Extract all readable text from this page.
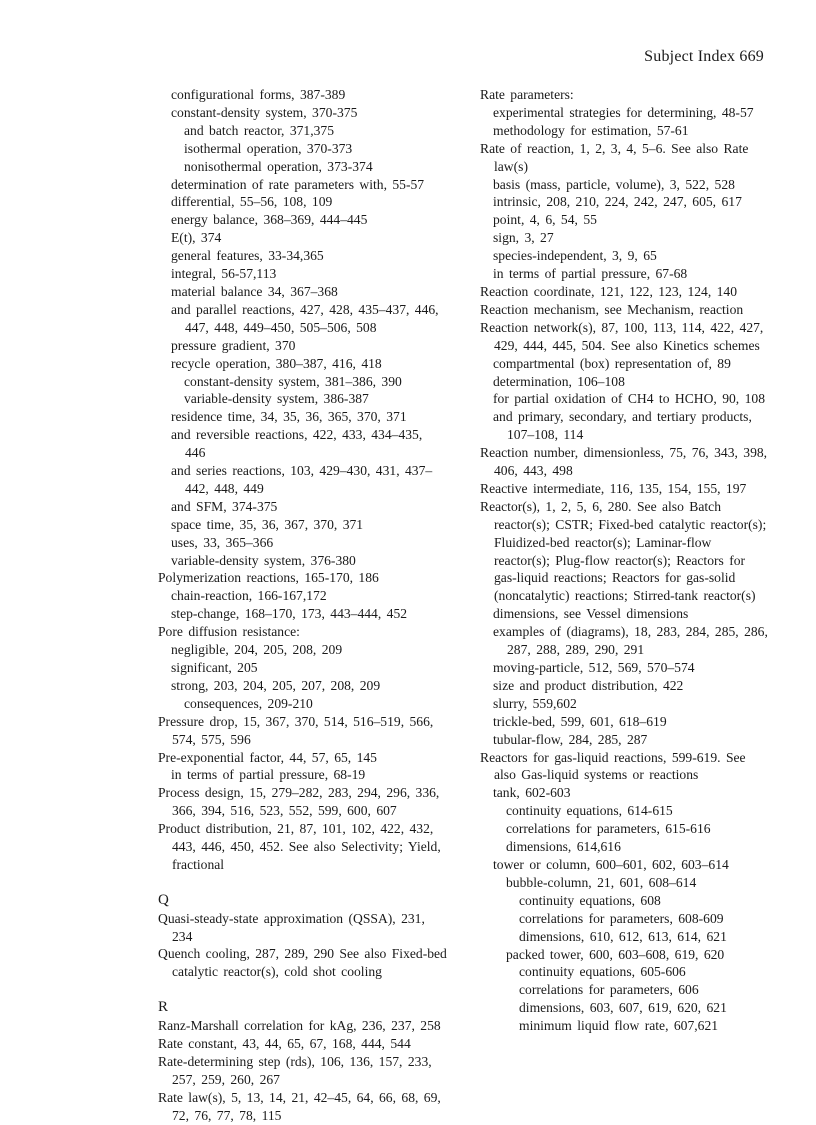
Subject Index 669
configurational forms, 387-389
constant-density system, 370-375
and batch reactor, 371,375
isothermal operation, 370-373
nonisothermal operation, 373-374
determination of rate parameters with, 55-57
differential, 55–56, 108, 109
energy balance, 368–369, 444–445
E(t), 374
general features, 33-34,365
integral, 56-57,113
material balance 34, 367–368
and parallel reactions, 427, 428, 435–437, 446, 447, 448, 449–450, 505–506, 508
pressure gradient, 370
recycle operation, 380–387, 416, 418
constant-density system, 381–386, 390
variable-density system, 386-387
residence time, 34, 35, 36, 365, 370, 371
and reversible reactions, 422, 433, 434–435, 446
and series reactions, 103, 429–430, 431, 437–442, 448, 449
and SFM, 374-375
space time, 35, 36, 367, 370, 371
uses, 33, 365–366
variable-density system, 376-380
Polymerization reactions, 165-170, 186
chain-reaction, 166-167,172
step-change, 168–170, 173, 443–444, 452
Pore diffusion resistance:
negligible, 204, 205, 208, 209
significant, 205
strong, 203, 204, 205, 207, 208, 209
consequences, 209-210
Pressure drop, 15, 367, 370, 514, 516–519, 566, 574, 575, 596
Pre-exponential factor, 44, 57, 65, 145
in terms of partial pressure, 68-19
Process design, 15, 279–282, 283, 294, 296, 336, 366, 394, 516, 523, 552, 599, 600, 607
Product distribution, 21, 87, 101, 102, 422, 432, 443, 446, 450, 452. See also Selectivity; Yield, fractional
Q
Quasi-steady-state approximation (QSSA), 231, 234
Quench cooling, 287, 289, 290 See also Fixed-bed catalytic reactor(s), cold shot cooling
R
Ranz-Marshall correlation for kAg, 236, 237, 258
Rate constant, 43, 44, 65, 67, 168, 444, 544
Rate-determining step (rds), 106, 136, 157, 233, 257, 259, 260, 267
Rate law(s), 5, 13, 14, 21, 42–45, 64, 66, 68, 69, 72, 76, 77, 78, 115
Rate parameters:
experimental strategies for determining, 48-57
methodology for estimation, 57-61
Rate of reaction, 1, 2, 3, 4, 5–6. See also Rate law(s)
basis (mass, particle, volume), 3, 522, 528
intrinsic, 208, 210, 224, 242, 247, 605, 617
point, 4, 6, 54, 55
sign, 3, 27
species-independent, 3, 9, 65
in terms of partial pressure, 67-68
Reaction coordinate, 121, 122, 123, 124, 140
Reaction mechanism, see Mechanism, reaction
Reaction network(s), 87, 100, 113, 114, 422, 427, 429, 444, 445, 504. See also Kinetics schemes
compartmental (box) representation of, 89
determination, 106–108
for partial oxidation of CH4 to HCHO, 90, 108
and primary, secondary, and tertiary products, 107–108, 114
Reaction number, dimensionless, 75, 76, 343, 398, 406, 443, 498
Reactive intermediate, 116, 135, 154, 155, 197
Reactor(s), 1, 2, 5, 6, 280. See also Batch reactor(s); CSTR; Fixed-bed catalytic reactor(s); Fluidized-bed reactor(s); Laminar-flow reactor(s); Plug-flow reactor(s); Reactors for gas-liquid reactions; Reactors for gas-solid (noncatalytic) reactions; Stirred-tank reactor(s)
dimensions, see Vessel dimensions
examples of (diagrams), 18, 283, 284, 285, 286, 287, 288, 289, 290, 291
moving-particle, 512, 569, 570–574
size and product distribution, 422
slurry, 559,602
trickle-bed, 599, 601, 618–619
tubular-flow, 284, 285, 287
Reactors for gas-liquid reactions, 599-619. See also Gas-liquid systems or reactions
tank, 602-603
continuity equations, 614-615
correlations for parameters, 615-616
dimensions, 614,616
tower or column, 600–601, 602, 603–614
bubble-column, 21, 601, 608–614
continuity equations, 608
correlations for parameters, 608-609
dimensions, 610, 612, 613, 614, 621
packed tower, 600, 603–608, 619, 620
continuity equations, 605-606
correlations for parameters, 606
dimensions, 603, 607, 619, 620, 621
minimum liquid flow rate, 607,621
